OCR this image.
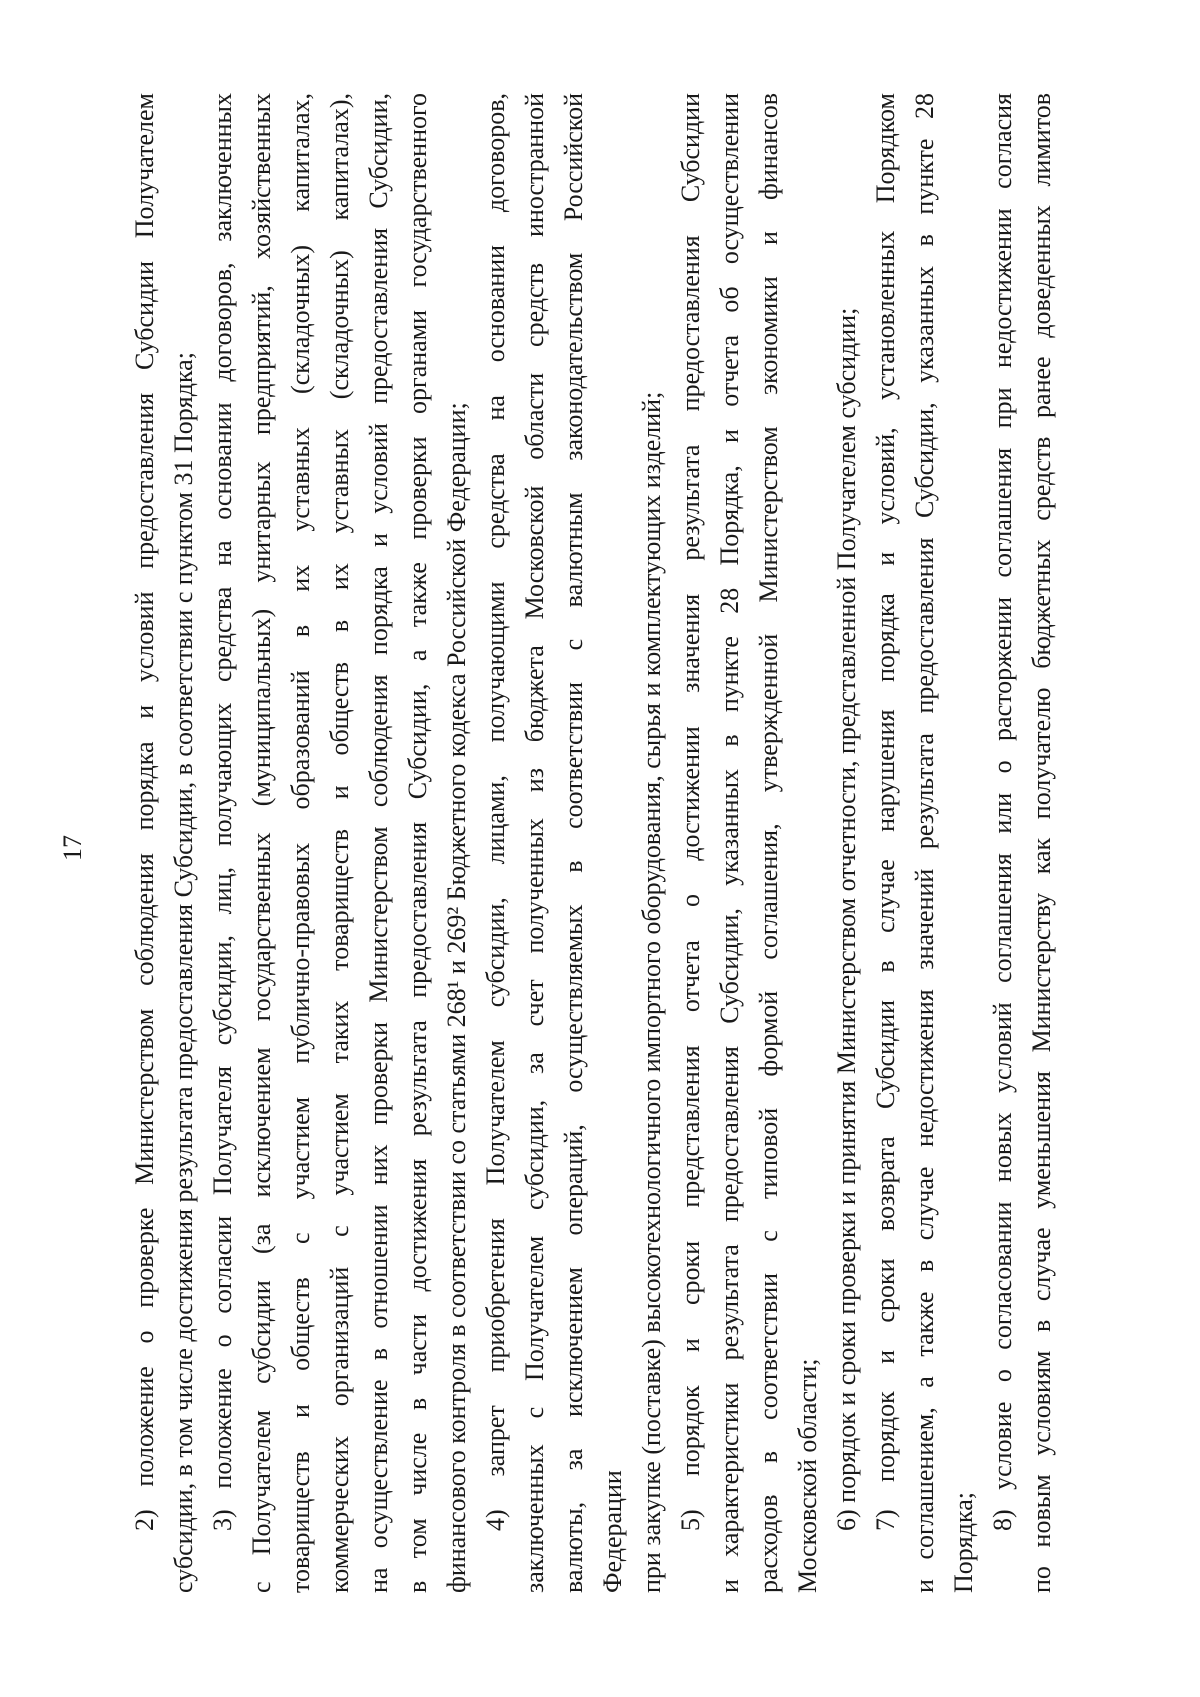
17 2) положение о проверке Министерством соблюдения порядка и условий предоставления Субсидии Получателем субсидии, в том числе достижения результата предоставления Субсидии, в соответствии с пунктом 31 Порядка; 3) положение о согласии Получателя субсидии, лиц, получающих средства на основании договоров, заключенных с Получателем субсидии (за исключением государственных (муниципальных) унитарных предприятий, хозяйственных товариществ и обществ с участием публично-правовых образований в их уставных (складочных) капиталах, коммерческих организаций с участием таких товариществ и обществ в их уставных (складочных) капиталах), на осуществление в отношении них проверки Министерством соблюдения порядка и условий предоставления Субсидии, в том числе в части достижения результата предоставления Субсидии, а также проверки органами государственного финансового контроля в соответствии со статьями 268¹ и 269² Бюджетного кодекса Российской Федерации; 4) запрет приобретения Получателем субсидии, лицами, получающими средства на основании договоров, заключенных с Получателем субсидии, за счет полученных из бюджета Московской области средств иностранной валюты, за исключением операций, осуществляемых в соответствии с валютным законодательством Российской Федерации при закупке (поставке) высокотехнологичного импортного оборудования, сырья и комплектующих изделий; 5) порядок и сроки представления отчета о достижении значения результата предоставления Субсидии и характеристики результата предоставления Субсидии, указанных в пункте 28 Порядка, и отчета об осуществлении расходов в соответствии с типовой формой соглашения, утвержденной Министерством экономики и финансов Московской области; 6) порядок и сроки проверки и принятия Министерством отчетности, представленной Получателем субсидии; 7) порядок и сроки возврата Субсидии в случае нарушения порядка и условий, установленных Порядком и соглашением, а также в случае недостижения значений результата предоставления Субсидии, указанных в пункте 28 Порядка;

8) условие о согласовании новых условий соглашения или о расторжении соглашения при недостижении согласия по новым условиям в случае уменьшения Министерству как получателю бюджетных средств ранее доведенных лимитов
